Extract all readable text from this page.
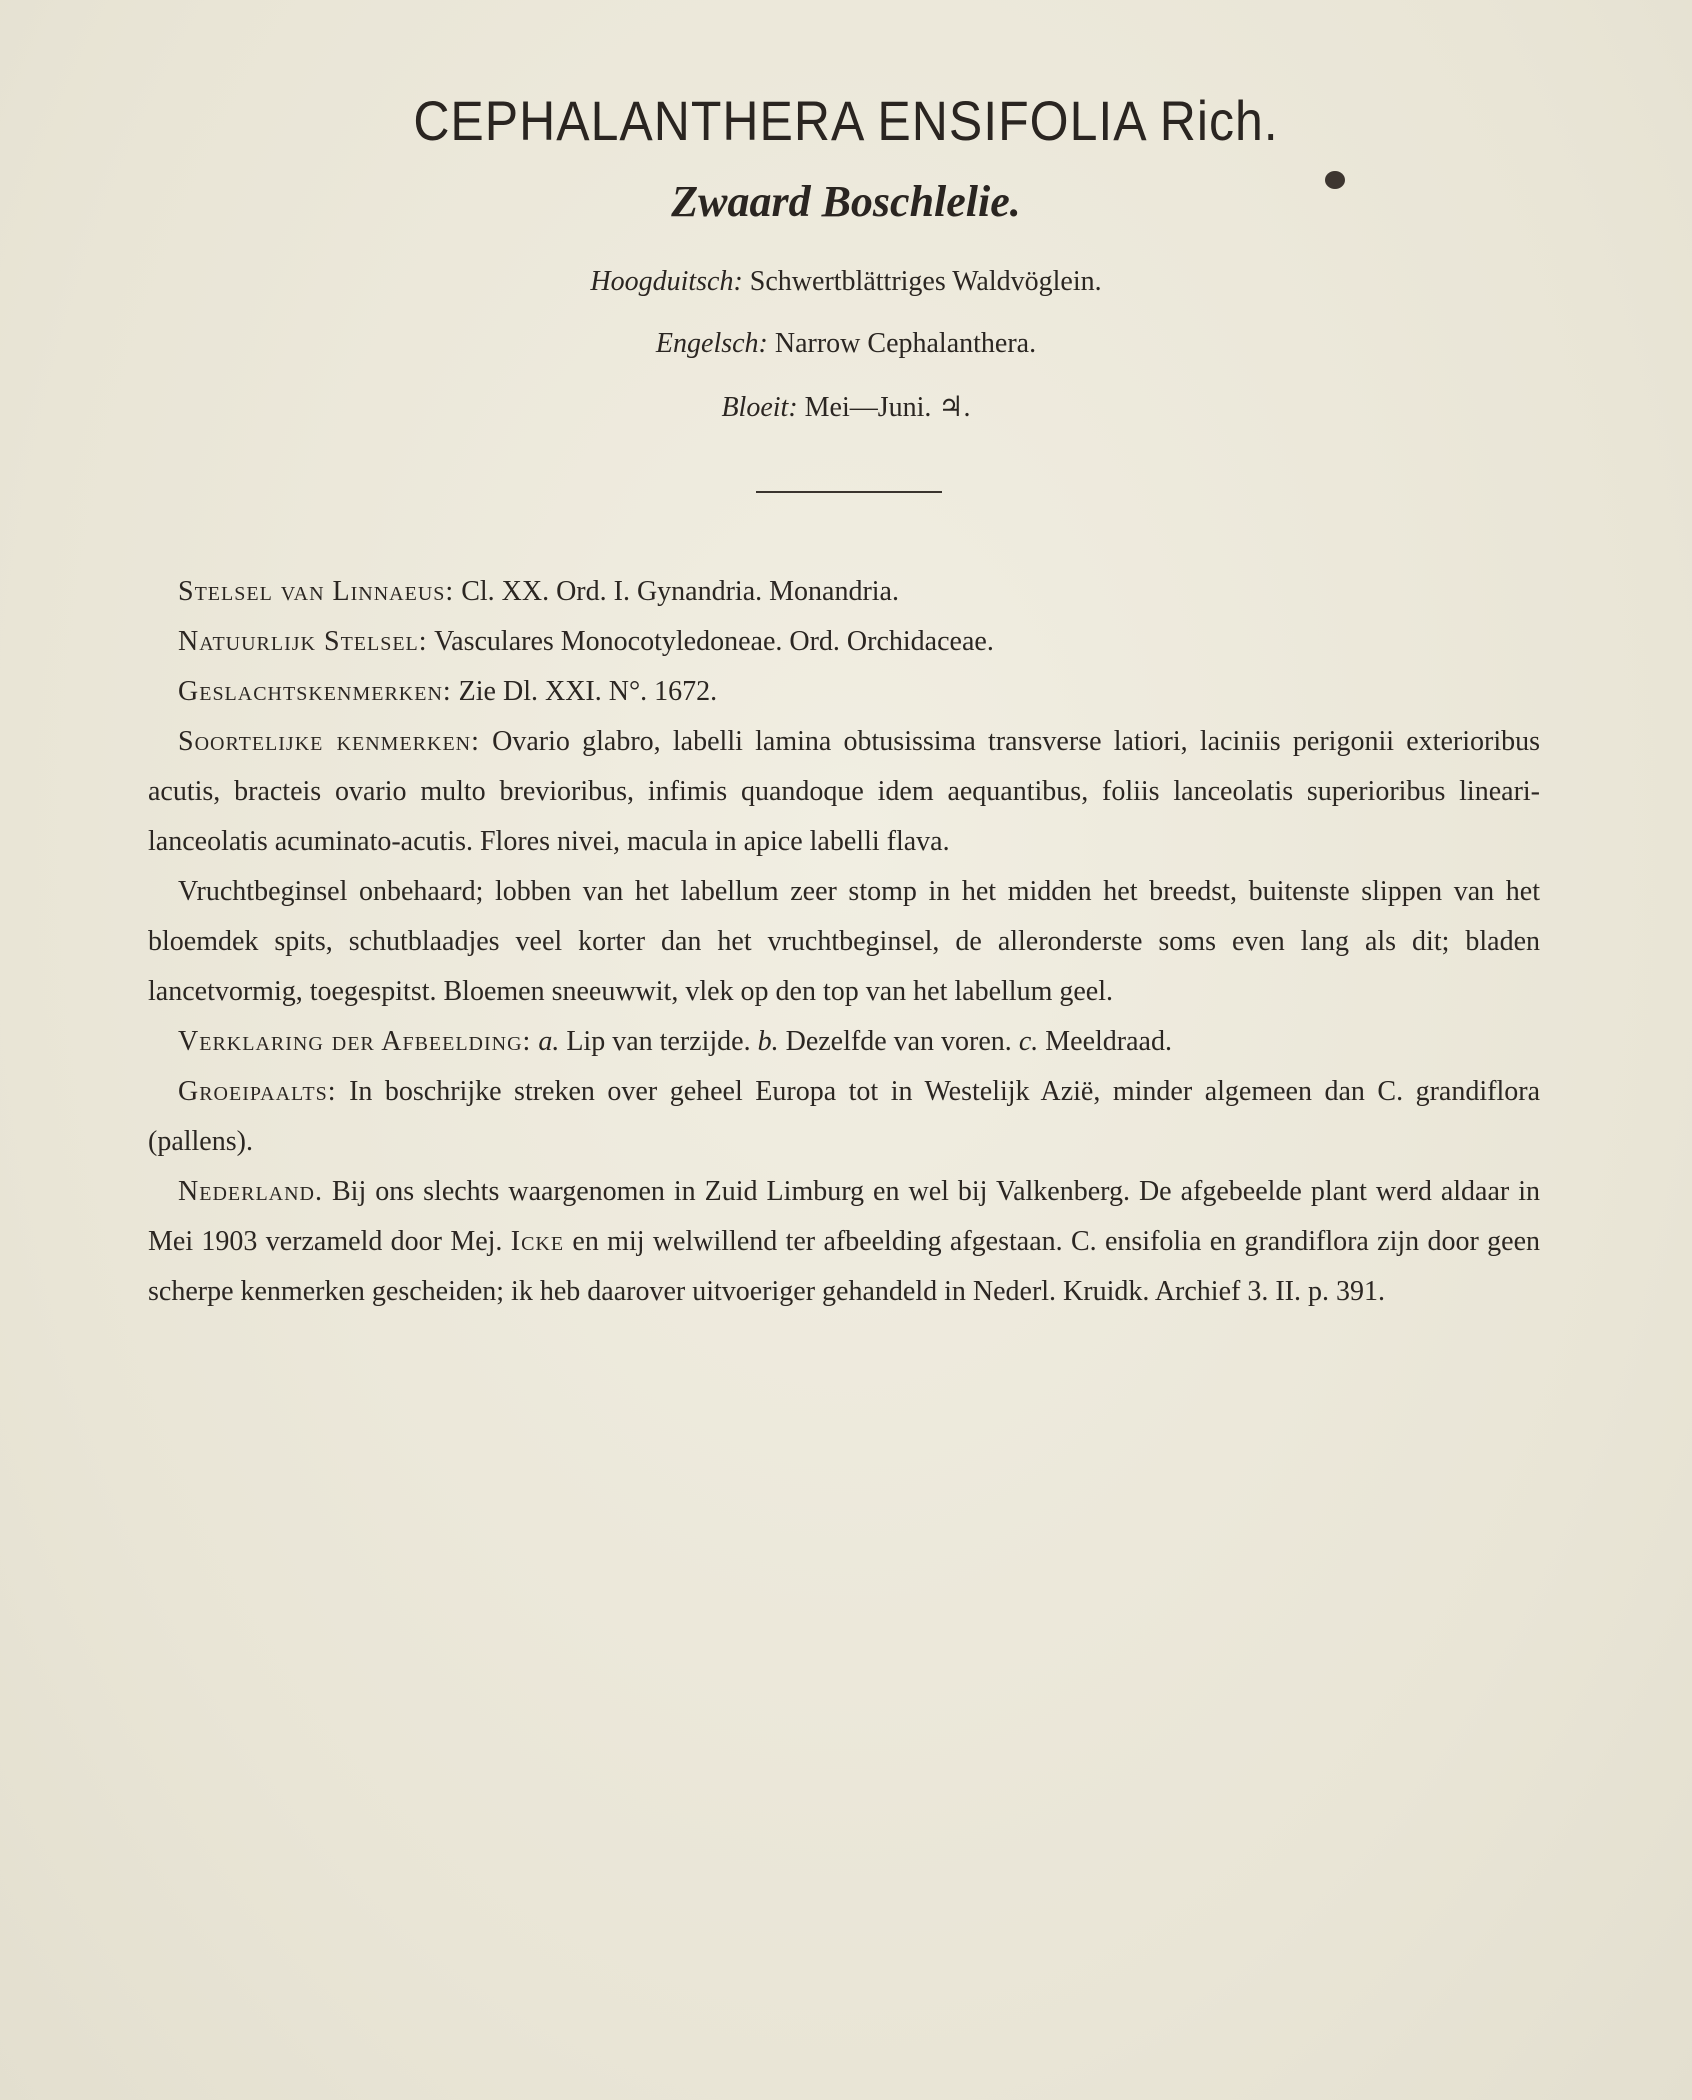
CEPHALANTHERA ENSIFOLIA Rich.
Zwaard Boschlelie.
Hoogduitsch: Schwertblättriges Waldvöglein.
Engelsch: Narrow Cephalanthera.
Bloeit: Mei—Juni. ♃.

Stelsel van Linnaeus: Cl. XX. Ord. I. Gynandria. Monandria.

Natuurlijk Stelsel: Vasculares Monocotyledoneae. Ord. Orchidaceae.

Geslachtskenmerken: Zie Dl. XXI. N°. 1672.

Soortelijke kenmerken: Ovario glabro, labelli lamina obtusissima transverse latiori, laciniis perigonii exterioribus acutis, bracteis ovario multo brevioribus, infimis quandoque idem aequantibus, foliis lanceolatis superioribus lineari-lanceolatis acuminato-acutis. Flores nivei, macula in apice labelli flava.

Vruchtbeginsel onbehaard; lobben van het labellum zeer stomp in het midden het breedst, buitenste slippen van het bloemdek spits, schutblaadjes veel korter dan het vruchtbeginsel, de alleronderste soms even lang als dit; bladen lancetvormig, toegespitst. Bloemen sneeuwwit, vlek op den top van het labellum geel.

Verklaring der Afbeelding: a. Lip van terzijde. b. Dezelfde van voren. c. Meeldraad.

Groeipaalts: In boschrijke streken over geheel Europa tot in Westelijk Azië, minder algemeen dan C. grandiflora (pallens).

Nederland. Bij ons slechts waargenomen in Zuid Limburg en wel bij Valkenberg. De afgebeelde plant werd aldaar in Mei 1903 verzameld door Mej. Icke en mij welwillend ter afbeelding afgestaan. C. ensifolia en grandiflora zijn door geen scherpe kenmerken gescheiden; ik heb daarover uitvoeriger gehandeld in Nederl. Kruidk. Archief 3. II. p. 391.
